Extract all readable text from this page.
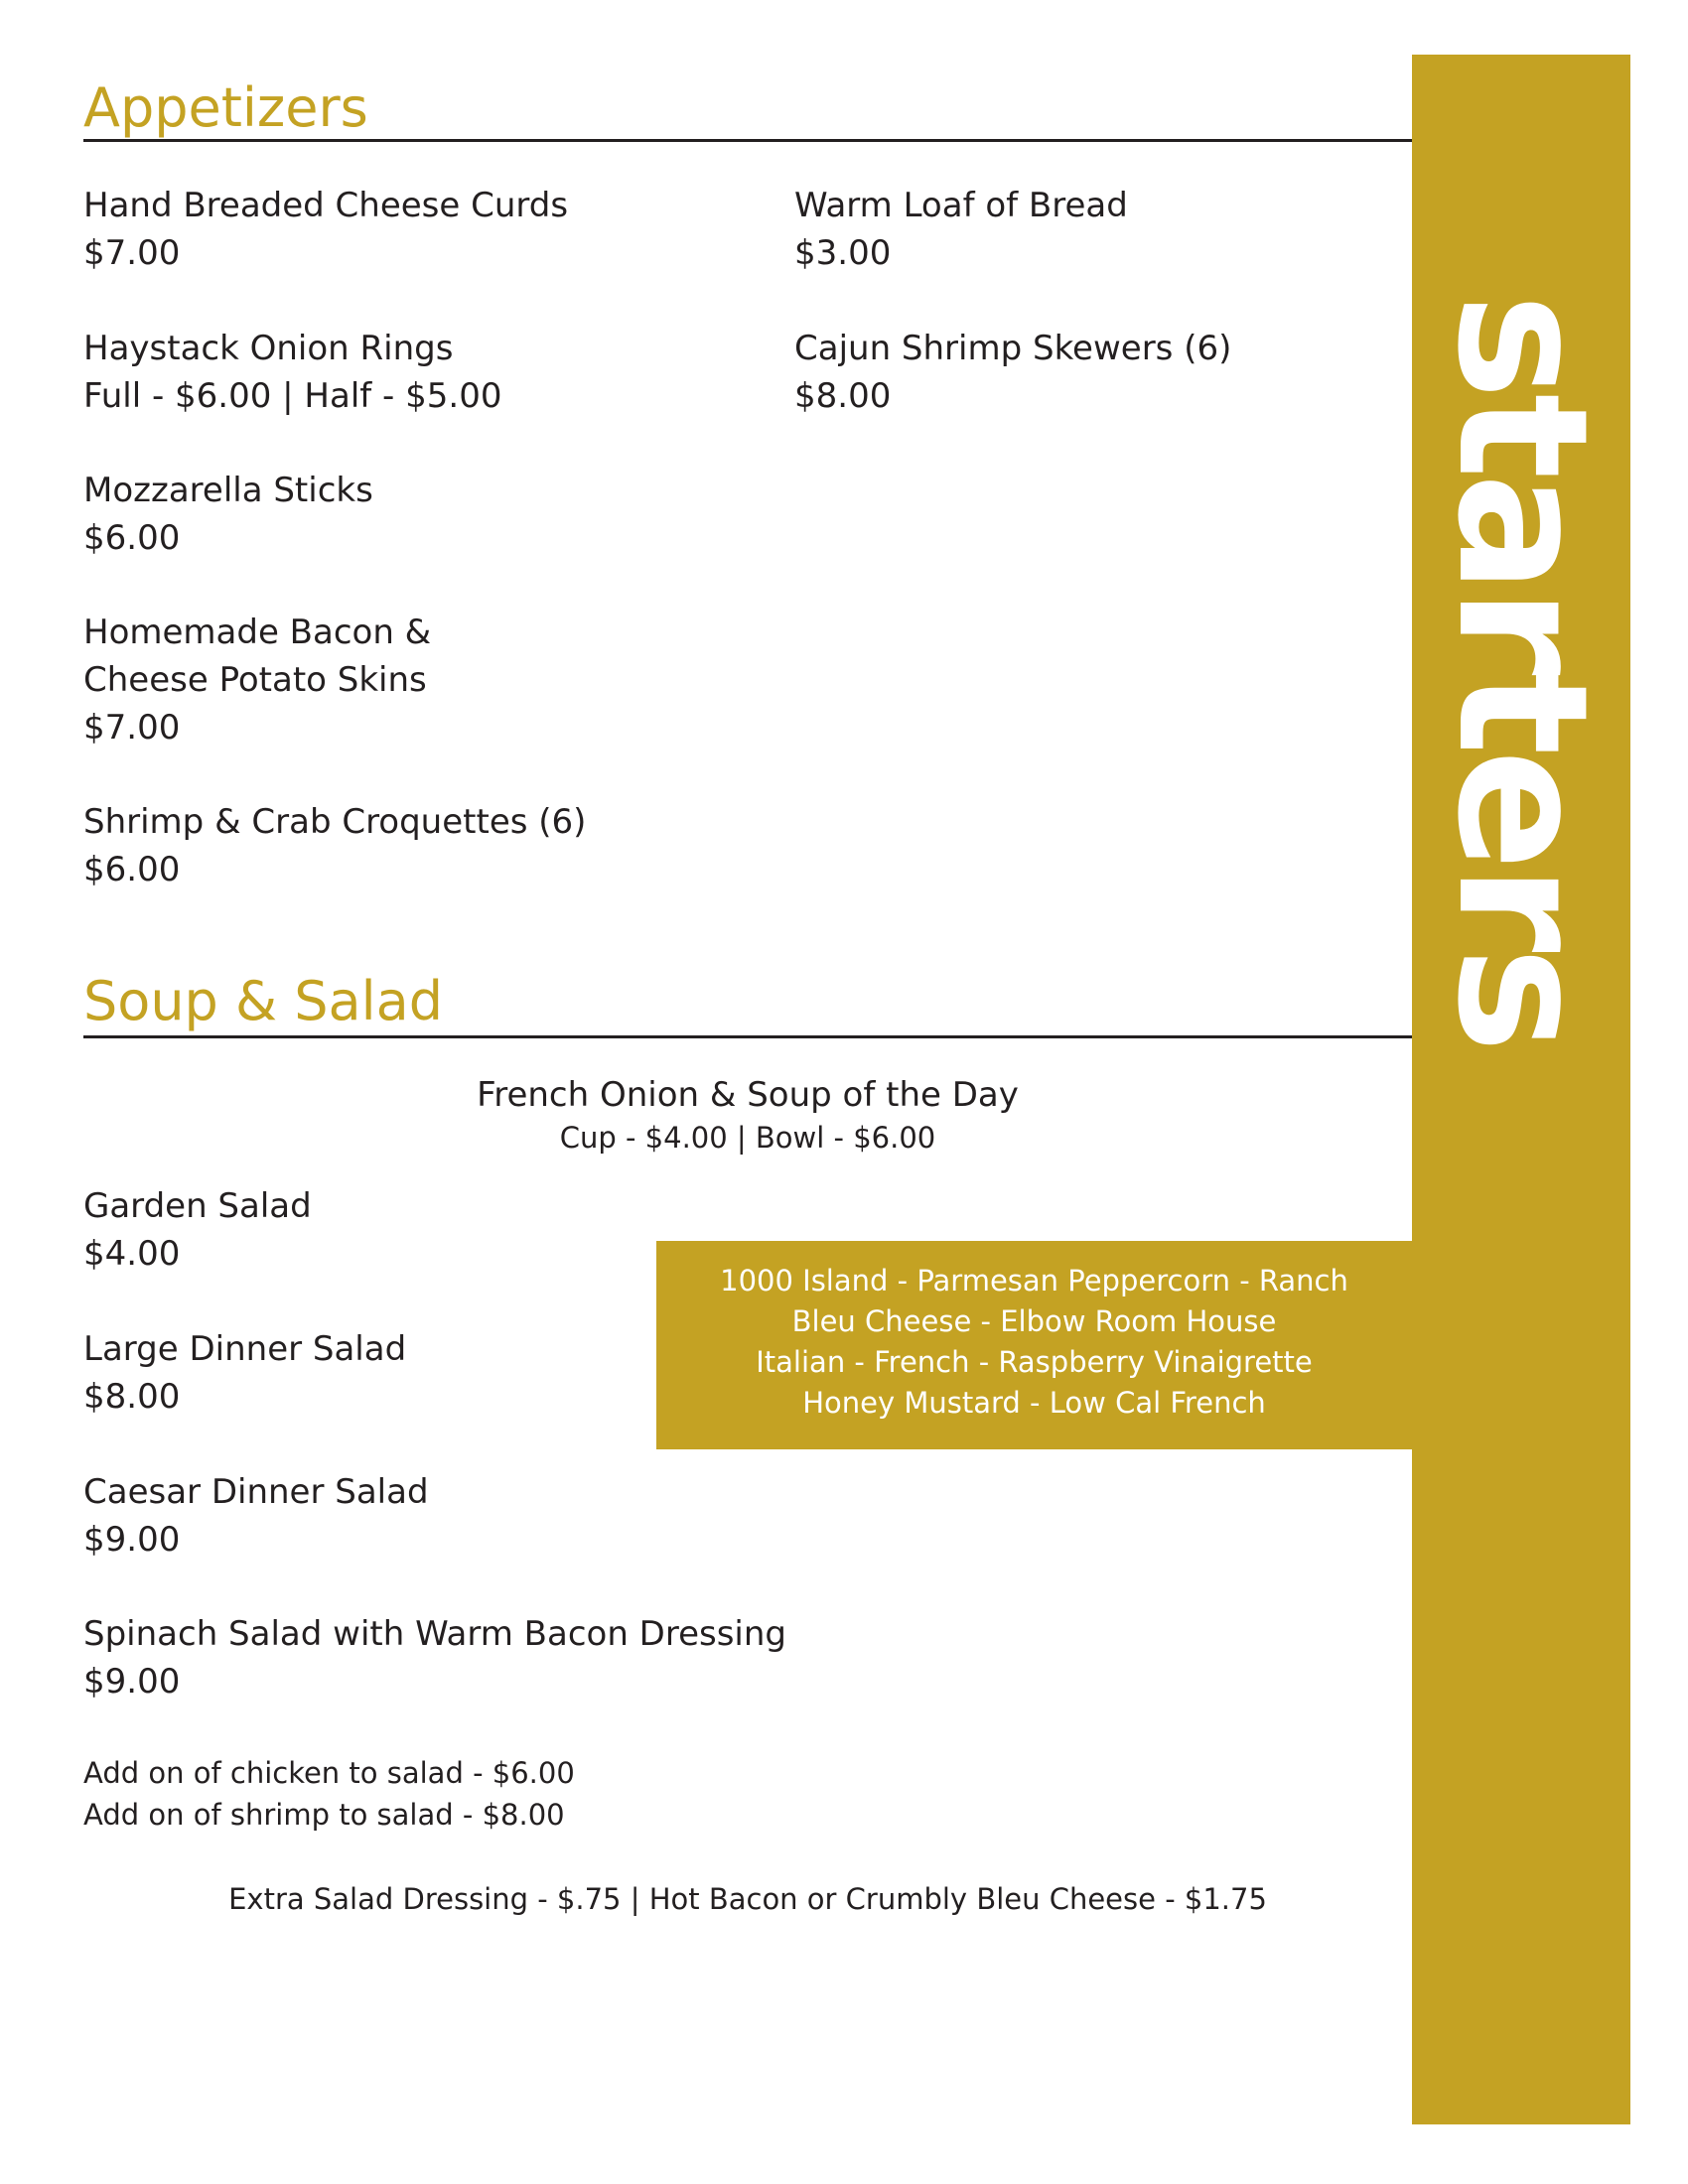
starters
Appetizers
Hand Breaded Cheese Curds
$7.00
Haystack Onion Rings
Full - $6.00 | Half - $5.00
Mozzarella Sticks
$6.00
Homemade Bacon &
Cheese Potato Skins
$7.00
Shrimp & Crab Croquettes (6)
$6.00
Warm Loaf of Bread
$3.00
Cajun Shrimp Skewers (6)
$8.00
Soup & Salad
French Onion & Soup of the Day
Cup - $4.00 | Bowl - $6.00
Garden Salad
$4.00
Large Dinner Salad
$8.00
Caesar Dinner Salad
$9.00
Spinach Salad with Warm Bacon Dressing
$9.00
1000 Island - Parmesan Peppercorn - Ranch
Bleu Cheese - Elbow Room House
Italian - French - Raspberry Vinaigrette
Honey Mustard - Low Cal French
Add on of chicken to salad - $6.00
Add on of shrimp to salad - $8.00
Extra Salad Dressing - $.75 | Hot Bacon or Crumbly Bleu Cheese - $1.75
